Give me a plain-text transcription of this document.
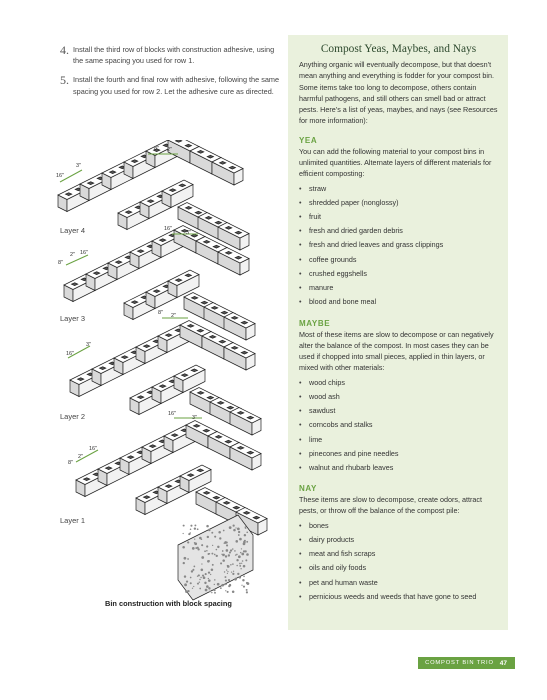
4. Install the third row of blocks with construction adhesive, using the same spacing you used for row 1.
5. Install the fourth and final row with adhesive, following the same spacing you used for row 2. Let the adhesive cure as directed.
Layer 4
Layer 3
Layer 2
Layer 1
8" 2"
3"
16"
16"
3"
16"
2"
8"
8" 2"
3"
16"
16"
3"
16"
2"
8"
Bin construction with block spacing
Compost Yeas, Maybes, and Nays

Anything organic will eventually decompose, but that doesn’t mean anything and everything is fodder for your compost bin. Some items take too long to decompose, others contain harmful pathogens, and still others can smell bad or attract pests. Here’s a list of yeas, maybes, and nays (see Resources for more information):

YEA

You can add the following material to your compost bins in unlimited quantities. Alternate layers of different materials for efficient composting:

• straw
• shredded paper (nonglossy)
• fruit
• fresh and dried garden debris
• fresh and dried leaves and grass clippings
• coffee grounds
• crushed eggshells
• manure
• blood and bone meal
MAYBE

Most of these items are slow to decompose or can negatively alter the balance of the compost. In most cases they can be used if chopped into small pieces, applied in thin layers, or mixed with other materials:

• wood chips
• wood ash
• sawdust
• corncobs and stalks
• lime
• pinecones and pine needles
• walnut and rhubarb leaves
NAY

These items are slow to decompose, create odors, attract pests, or throw off the balance of the compost pile:

• bones
• dairy products
• meat and fish scraps
• oils and oily foods
• pet and human waste
• pernicious weeds and weeds that have gone to seed
COMPOST BIN TRIO 47
